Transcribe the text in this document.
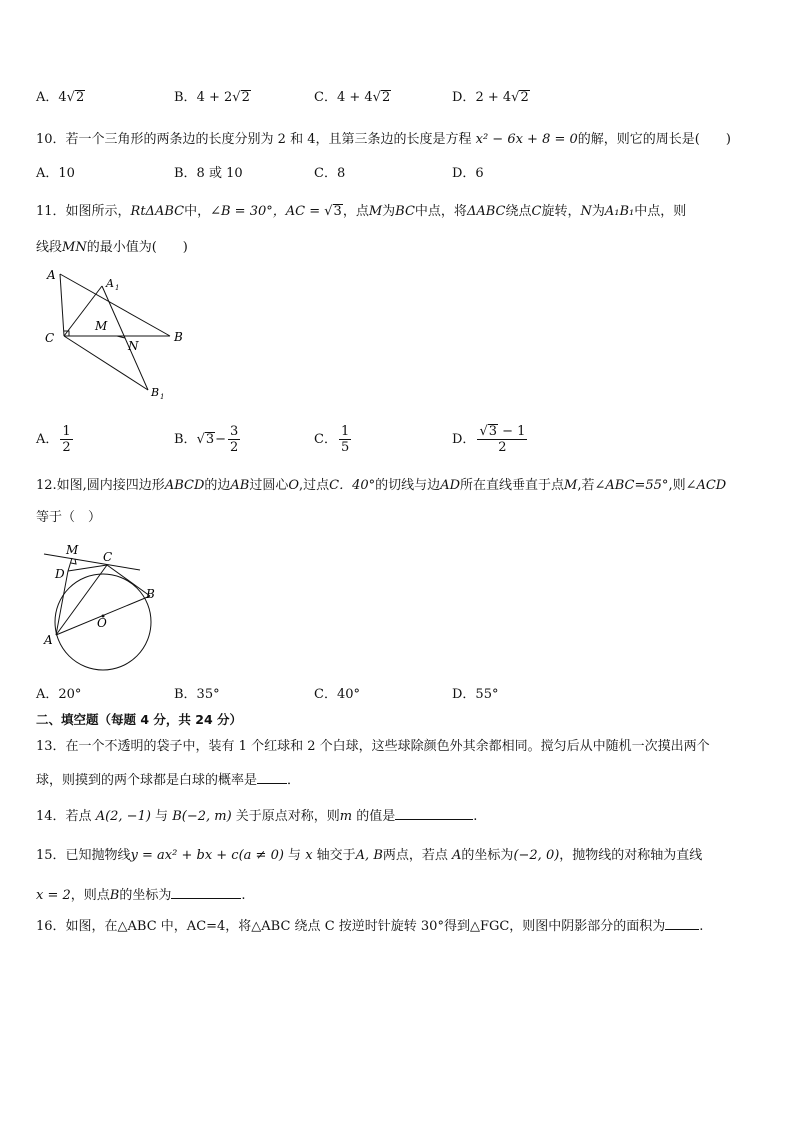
A．4√2	B．4 + 2√2	C．4 + 4√2	D．2 + 4√2
10．若一个三角形的两条边的长度分别为 2 和 4，且第三条边的长度是方程 x² − 6x + 8 = 0的解，则它的周长是(　　)
A．10	B．8 或 10	C．8	D．6
11．如图所示，RtΔABC中，∠B = 30°，AC = √3，点M为BC中点，将ΔABC绕点C旋转，N为A₁B₁中点，则
线段MN的最小值为(　　)
A
A 1
C
M
N
B
B 1
A． $\frac{1}{2}$	B．$√3- \frac{3}{2}$	C． $\frac{1}{5}$	D． $\frac{√3 - 1}{2}$
12.如图,圆内接四边形ABCD的边AB过圆心O,过点C．40°的切线与边AD所在直线垂直于点M,若∠ABC=55°,则∠ACD
等于（　）
M C
D
B
A
O
A．20°	B．35°	C．40°	D．55°
二、填空题（每题 4 分，共 24 分）
13．在一个不透明的袋子中，装有 1 个红球和 2 个白球，这些球除颜色外其余都相同。搅匀后从中随机一次摸出两个
球，则摸到的两个球都是白球的概率是 ．
14．若点 A(2, −1) 与 B(−2, m) 关于原点对称，则m 的值是	.
15．已知抛物线y = ax² + bx + c(a ≠ 0) 与 x 轴交于A, B两点，若点 A的坐标为(−2, 0)，抛物线的对称轴为直线
x = 2，则点B的坐标为	.
16．如图，在△ABC 中，AC=4，将△ABC 绕点 C 按逆时针旋转 30°得到△FGC，则图中阴影部分的面积为	.
